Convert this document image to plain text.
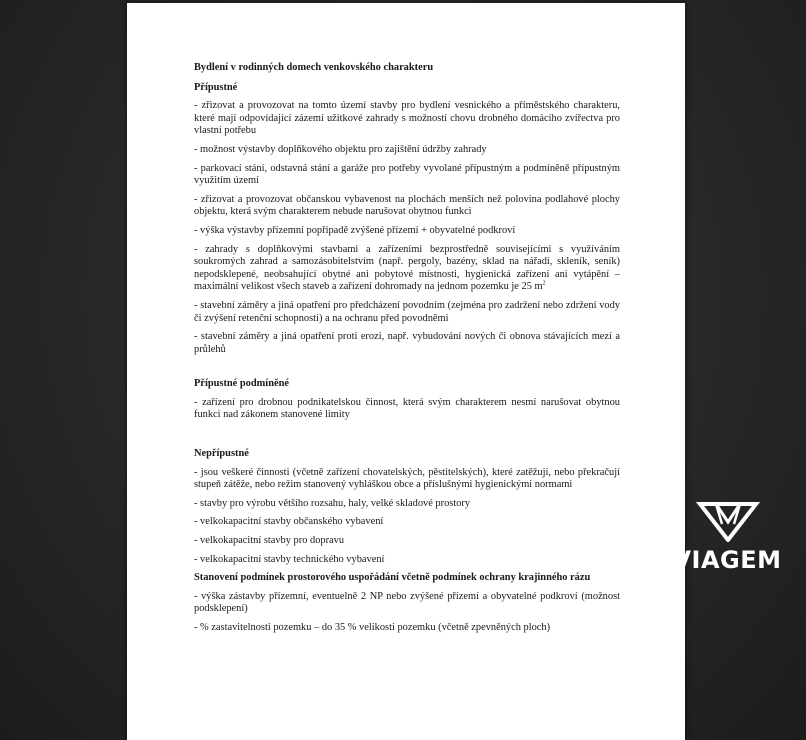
Bydlení v rodinných domech venkovského charakteru
Přípustné
- zřizovat a provozovat na tomto území stavby pro bydlení vesnického a příměstského charakteru, které mají odpovídající zázemí užitkové zahrady s možností chovu drobného domácího zvířectva pro vlastní potřebu
- možnost výstavby doplňkového objektu pro zajištění údržby zahrady
- parkovací stání, odstavná stání a garáže pro potřeby vyvolané přípustným a podmíněně přípustným využitím území
- zřizovat a provozovat občanskou vybavenost na plochách menších než polovina podlahové plochy objektu, která svým charakterem nebude narušovat obytnou funkci
- výška výstavby přízemní popřípadě zvýšené přízemí + obyvatelné podkroví
- zahrady s doplňkovými stavbami a zařízeními bezprostředně souvisejícími s využíváním soukromých zahrad a samozásobitelstvím (např. pergoly, bazény, sklad na nářadí, skleník, seník) nepodsklepené, neobsahující obytné ani pobytové místnosti, hygienická zařízení ani vytápění – maximální velikost všech staveb a zařízení dohromady na jednom pozemku je 25 $m^2$
- stavební záměry a jiná opatření pro předcházení povodním (zejména pro zadržení nebo zdržení vody či zvýšení retenční schopnosti) a na ochranu před povodněmi
- stavební záměry a jiná opatření proti erozi, např. vybudování nových či obnova stávajících mezí a průlehů
Přípustné podmíněné
- zařízení pro drobnou podnikatelskou činnost, která svým charakterem nesmí narušovat obytnou funkci nad zákonem stanovené limity
Nepřípustné
- jsou veškeré činnosti (včetně zařízení chovatelských, pěstitelských), které zatěžují, nebo překračují stupeň zátěže, nebo režim stanovený vyhláškou obce a příslušnými hygienickými normami
- stavby pro výrobu většího rozsahu, haly, velké skladové prostory
- velkokapacitní stavby občanského vybavení
- velkokapacitní stavby pro dopravu
- velkokapacitní stavby technického vybavení
Stanovení podmínek prostorového uspořádání včetně podmínek ochrany krajinného rázu
- výška zástavby přízemní, eventuelně 2 NP nebo zvýšené přízemí a obyvatelné podkroví (možnost podsklepení)
- % zastavitelnosti pozemku – do 35 % velikosti pozemku (včetně zpevněných ploch)
VIAGEM
